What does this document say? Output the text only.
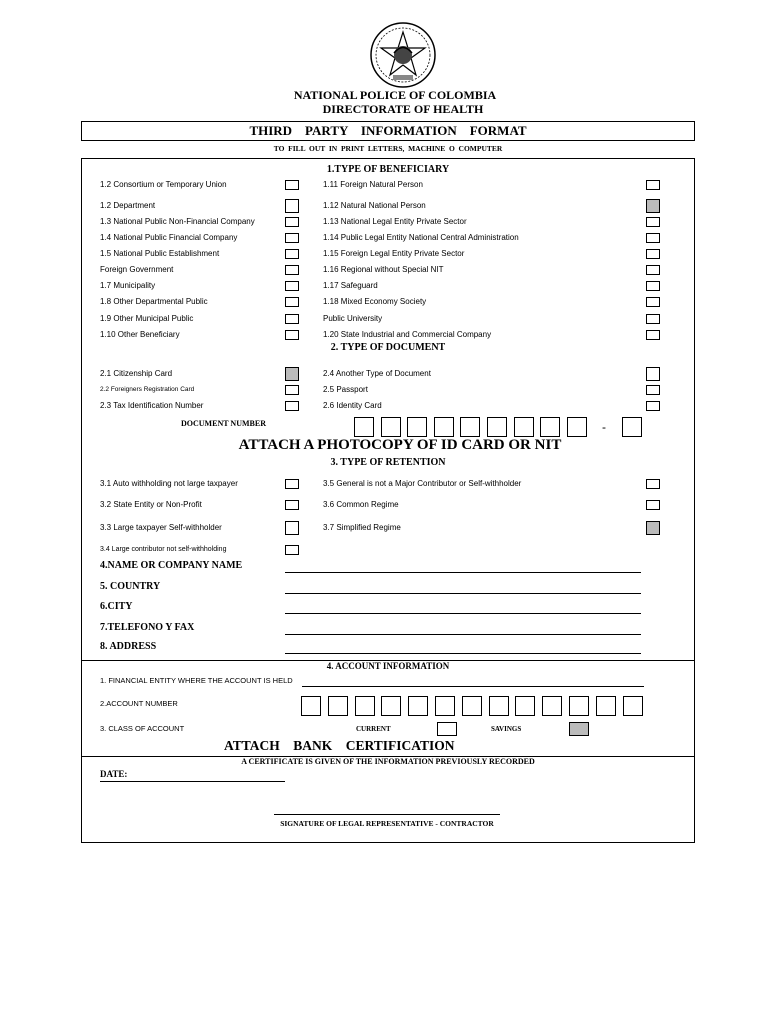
NATIONAL POLICE OF COLOMBIA
DIRECTORATE OF HEALTH
THIRD    PARTY    INFORMATION    FORMAT
TO  FILL  OUT  IN  PRINT  LETTERS,  MACHINE  O  COMPUTER
1.TYPE OF BENEFICIARY
1.2 Consortium or Temporary Union
1.2 Department
1.3 National Public Non-Financial Company
1.4 National Public Financial Company
1.5 National Public Establishment
Foreign Government
1.7 Municipality
1.8 Other Departmental Public
1.9 Other Municipal Public
1.10 Other Beneficiary
1.11 Foreign Natural Person
1.12 Natural National Person
1.13 National Legal Entity Private Sector
1.14 Public Legal Entity National Central Administration
1.15 Foreign Legal Entity Private Sector
1.16 Regional without Special NIT
1.17 Safeguard
1.18 Mixed Economy Society
Public University
1.20 State Industrial and Commercial Company
2. TYPE OF DOCUMENT
2.1 Citizenship Card
2.2 Foreigners Registration Card
2.3 Tax Identification Number
2.4 Another Type of Document
2.5 Passport
2.6 Identity Card
DOCUMENT NUMBER	-
ATTACH A PHOTOCOPY OF ID CARD OR NIT
3. TYPE OF RETENTION
3.1 Auto withholding not large taxpayer
3.2 State Entity or Non-Profit
3.3 Large taxpayer Self-withholder
3.4 Large contributor not self-withholding
3.5 General is not a Major Contributor or Self-withholder
3.6 Common Regime
3.7 Simplified Regime
4.NAME OR COMPANY NAME
5. COUNTRY
6.CITY
7.TELEFONO Y FAX
8. ADDRESS
4. ACCOUNT INFORMATION
1. FINANCIAL ENTITY WHERE THE ACCOUNT IS HELD
2.ACCOUNT NUMBER
3. CLASS OF ACCOUNT	CURRENT	SAVINGS
ATTACH    BANK    CERTIFICATION
A CERTIFICATE IS GIVEN OF THE INFORMATION PREVIOUSLY RECORDED
DATE:
SIGNATURE OF LEGAL REPRESENTATIVE - CONTRACTOR
